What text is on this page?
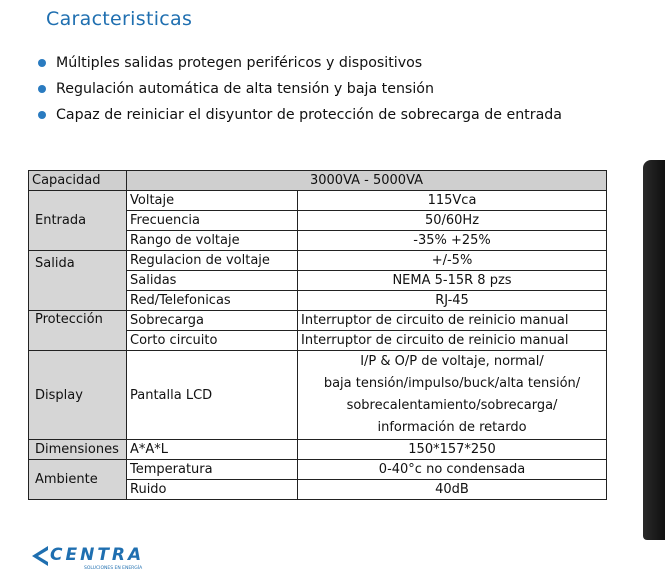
Caracteristicas
Múltiples salidas protegen periféricos y dispositivos
Regulación automática de alta tensión y baja tensión
Capaz de reiniciar el disyuntor de protección de sobrecarga de entrada
Capacidad	3000VA - 5000VA	
Entrada	Voltaje	115Vca
	Frecuencia	50/60Hz
	Rango de voltaje	-35% +25%
Salida	Regulacion de voltaje	+/-5%
	Salidas	NEMA 5-15R 8 pzs
	Red/Telefonicas	RJ-45
Protección	Sobrecarga	Interruptor de circuito de reinicio manual
	Corto circuito	Interruptor de circuito de reinicio manual
Display	Pantalla LCD	I/P & O/P de voltaje, normal/
baja tensión/impulso/buck/alta tensión/
sobrecalentamiento/sobrecarga/
información de retardo

Dimensiones	A*A*L	150*157*250
Ambiente	Temperatura	0-40°c no condensada
	Ruido	40dB
CENTRA
SOLUCIONES EN ENERGÍA
